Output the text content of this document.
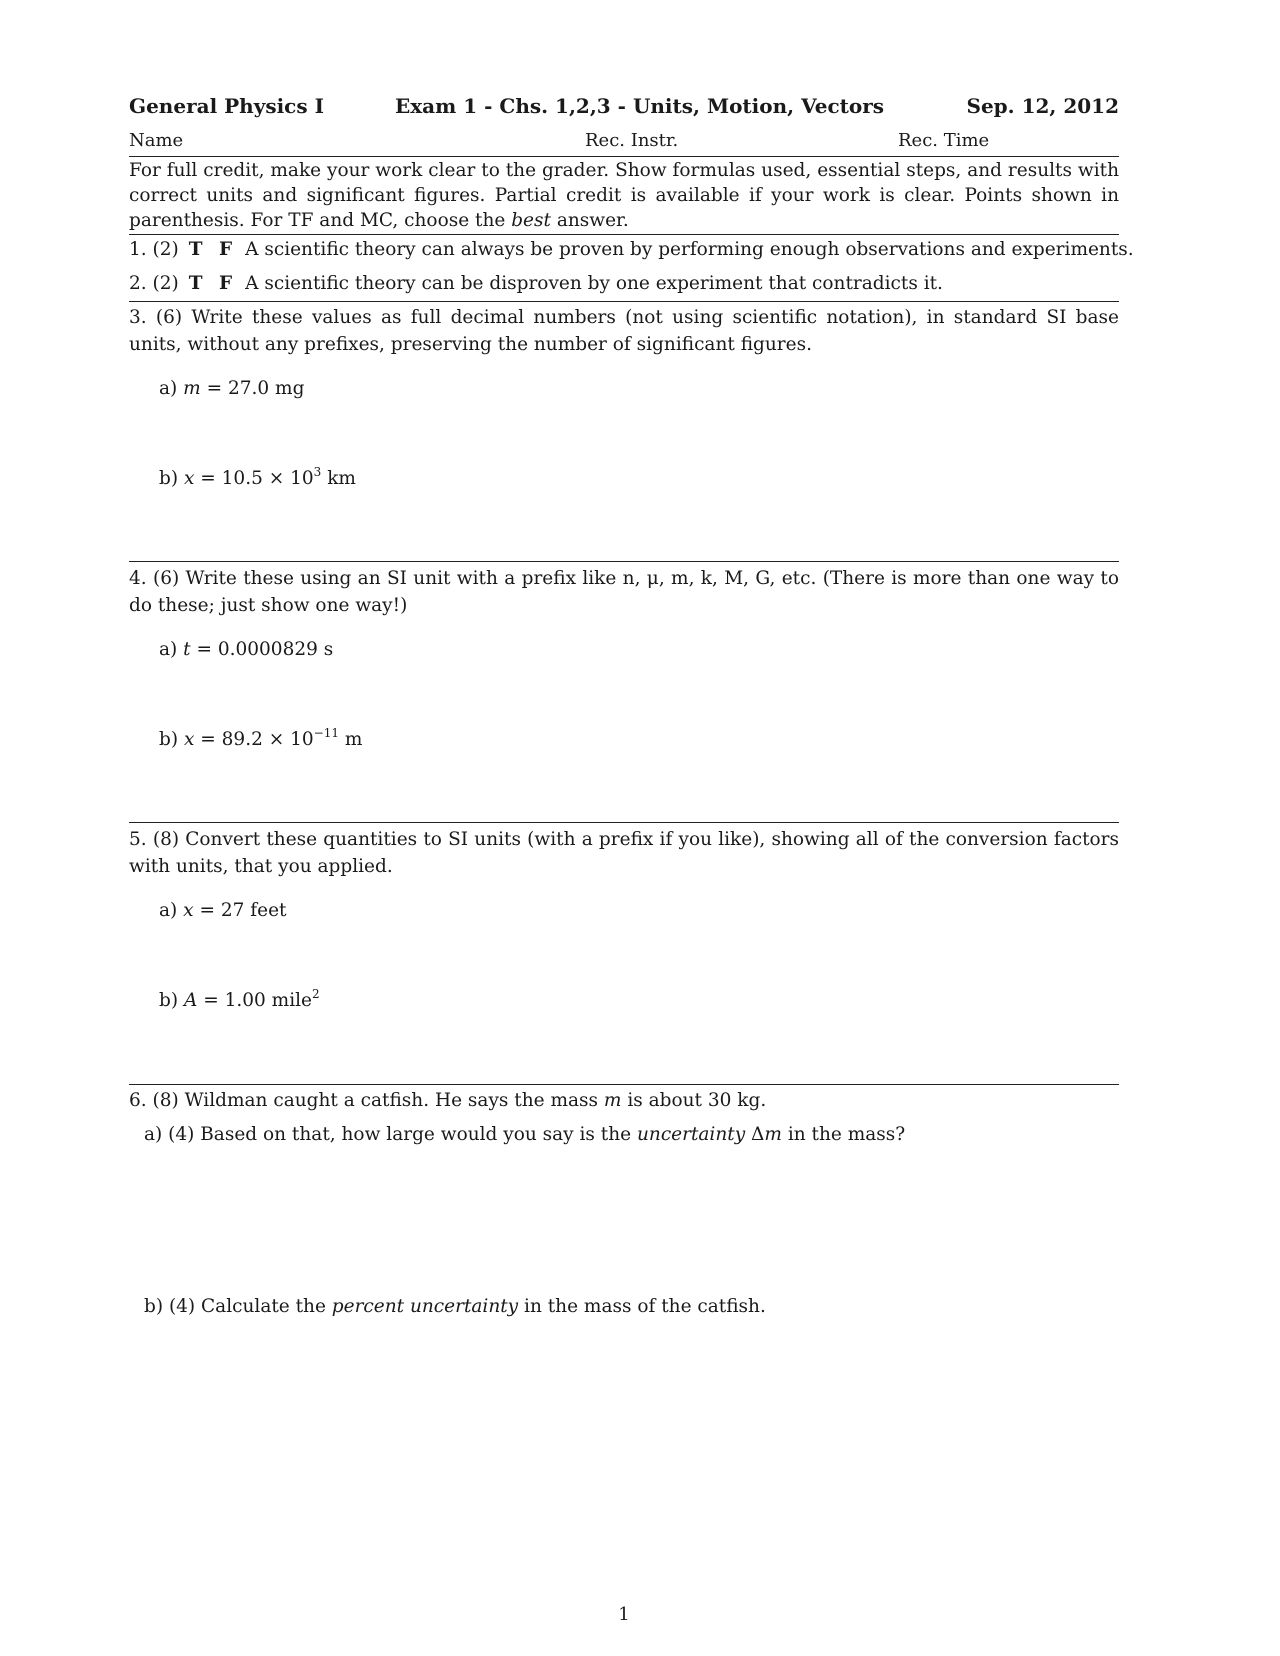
General Physics I	Exam 1 - Chs. 1,2,3 - Units, Motion, Vectors	Sep. 12, 2012
Name	Rec. Instr.	Rec. Time
For full credit, make your work clear to the grader. Show formulas used, essential steps, and results with correct units and significant figures. Partial credit is available if your work is clear. Points shown in parenthesis. For TF and MC, choose the best answer.
1. (2) T F A scientific theory can always be proven by performing enough observations and experiments.
2. (2) T F A scientific theory can be disproven by one experiment that contradicts it.
3. (6) Write these values as full decimal numbers (not using scientific notation), in standard SI base units, without any prefixes, preserving the number of significant figures.
a) m = 27.0 mg
b) $x = 10.5 \times 10^3$ km
4. (6) Write these using an SI unit with a prefix like n, μ, m, k, M, G, etc. (There is more than one way to do these; just show one way!)
a) t = 0.0000829 s
b) $x = 89.2 \times 10^{-11}$ m
5. (8) Convert these quantities to SI units (with a prefix if you like), showing all of the conversion factors with units, that you applied.
a) x = 27 feet
b) A = 1.00 mile$^2$
6. (8) Wildman caught a catfish. He says the mass m is about 30 kg.
a) (4) Based on that, how large would you say is the uncertainty Δm in the mass?
b) (4) Calculate the percent uncertainty in the mass of the catfish.
1
